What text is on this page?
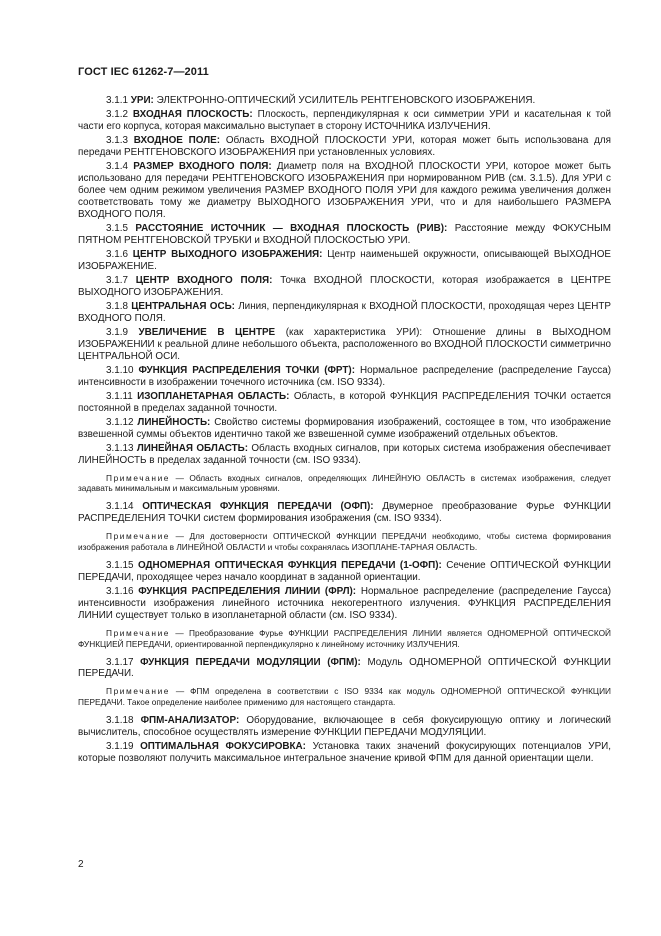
ГОСТ IEC 61262-7—2011

3.1.1 УРИ: ЭЛЕКТРОННО-ОПТИЧЕСКИЙ УСИЛИТЕЛЬ РЕНТГЕНОВСКОГО ИЗОБРАЖЕНИЯ.

3.1.2 ВХОДНАЯ ПЛОСКОСТЬ: Плоскость, перпендикулярная к оси симметрии УРИ и касательная к той части его корпуса, которая максимально выступает в сторону ИСТОЧНИКА ИЗЛУЧЕНИЯ.

3.1.3 ВХОДНОЕ ПОЛЕ: Область ВХОДНОЙ ПЛОСКОСТИ УРИ, которая может быть использована для передачи РЕНТГЕНОВСКОГО ИЗОБРАЖЕНИЯ при установленных условиях.

3.1.4 РАЗМЕР ВХОДНОГО ПОЛЯ: Диаметр поля на ВХОДНОЙ ПЛОСКОСТИ УРИ, которое может быть использовано для передачи РЕНТГЕНОВСКОГО ИЗОБРАЖЕНИЯ при нормированном РИВ (см. 3.1.5). Для УРИ с более чем одним режимом увеличения РАЗМЕР ВХОДНОГО ПОЛЯ УРИ для каждого режима увеличения должен соответствовать тому же диаметру ВЫХОДНОГО ИЗОБРАЖЕНИЯ УРИ, что и для наибольшего РАЗМЕРА ВХОДНОГО ПОЛЯ.

3.1.5 РАССТОЯНИЕ ИСТОЧНИК — ВХОДНАЯ ПЛОСКОСТЬ (РИВ): Расстояние между ФОКУСНЫМ ПЯТНОМ РЕНТГЕНОВСКОЙ ТРУБКИ и ВХОДНОЙ ПЛОСКОСТЬЮ УРИ.

3.1.6 ЦЕНТР ВЫХОДНОГО ИЗОБРАЖЕНИЯ: Центр наименьшей окружности, описывающей ВЫХОДНОЕ ИЗОБРАЖЕНИЕ.

3.1.7 ЦЕНТР ВХОДНОГО ПОЛЯ: Точка ВХОДНОЙ ПЛОСКОСТИ, которая изображается в ЦЕНТРЕ ВЫХОДНОГО ИЗОБРАЖЕНИЯ.

3.1.8 ЦЕНТРАЛЬНАЯ ОСЬ: Линия, перпендикулярная к ВХОДНОЙ ПЛОСКОСТИ, проходящая через ЦЕНТР ВХОДНОГО ПОЛЯ.

3.1.9 УВЕЛИЧЕНИЕ В ЦЕНТРЕ (как характеристика УРИ): Отношение длины в ВЫХОДНОМ ИЗОБРАЖЕНИИ к реальной длине небольшого объекта, расположенного во ВХОДНОЙ ПЛОСКОСТИ симметрично ЦЕНТРАЛЬНОЙ ОСИ.

3.1.10 ФУНКЦИЯ РАСПРЕДЕЛЕНИЯ ТОЧКИ (ФРТ): Нормальное распределение (распределение Гаусса) интенсивности в изображении точечного источника (см. ISO 9334).

3.1.11 ИЗОПЛАНЕТАРНАЯ ОБЛАСТЬ: Область, в которой ФУНКЦИЯ РАСПРЕДЕЛЕНИЯ ТОЧКИ остается постоянной в пределах заданной точности.

3.1.12 ЛИНЕЙНОСТЬ: Свойство системы формирования изображений, состоящее в том, что изображение взвешенной суммы объектов идентично такой же взвешенной сумме изображений отдельных объектов.

3.1.13 ЛИНЕЙНАЯ ОБЛАСТЬ: Область входных сигналов, при которых система изображения обеспечивает ЛИНЕЙНОСТЬ в пределах заданной точности (см. ISO 9334).

Примечание — Область входных сигналов, определяющих ЛИНЕЙНУЮ ОБЛАСТЬ в системах изображения, следует задавать минимальным и максимальным уровнями.

3.1.14 ОПТИЧЕСКАЯ ФУНКЦИЯ ПЕРЕДАЧИ (ОФП): Двумерное преобразование Фурье ФУНКЦИИ РАСПРЕДЕЛЕНИЯ ТОЧКИ систем формирования изображения (см. ISO 9334).

Примечание — Для достоверности ОПТИЧЕСКОЙ ФУНКЦИИ ПЕРЕДАЧИ необходимо, чтобы система формирования изображения работала в ЛИНЕЙНОЙ ОБЛАСТИ и чтобы сохранялась ИЗОПЛАНЕ-ТАРНАЯ ОБЛАСТЬ.

3.1.15 ОДНОМЕРНАЯ ОПТИЧЕСКАЯ ФУНКЦИЯ ПЕРЕДАЧИ (1-ОФП): Сечение ОПТИЧЕСКОЙ ФУНКЦИИ ПЕРЕДАЧИ, проходящее через начало координат в заданной ориентации.

3.1.16 ФУНКЦИЯ РАСПРЕДЕЛЕНИЯ ЛИНИИ (ФРЛ): Нормальное распределение (распределение Гаусса) интенсивности изображения линейного источника некогерентного излучения. ФУНКЦИЯ РАСПРЕДЕЛЕНИЯ ЛИНИИ существует только в изопланетарной области (см. ISO 9334).

Примечание — Преобразование Фурье ФУНКЦИИ РАСПРЕДЕЛЕНИЯ ЛИНИИ является ОДНОМЕРНОЙ ОПТИЧЕСКОЙ ФУНКЦИЕЙ ПЕРЕДАЧИ, ориентированной перпендикулярно к линейному источнику ИЗЛУЧЕНИЯ.

3.1.17 ФУНКЦИЯ ПЕРЕДАЧИ МОДУЛЯЦИИ (ФПМ): Модуль ОДНОМЕРНОЙ ОПТИЧЕСКОЙ ФУНКЦИИ ПЕРЕДАЧИ.

Примечание — ФПМ определена в соответствии с ISO 9334 как модуль ОДНОМЕРНОЙ ОПТИЧЕСКОЙ ФУНКЦИИ ПЕРЕДАЧИ. Такое определение наиболее применимо для настоящего стандарта.

3.1.18 ФПМ-АНАЛИЗАТОР: Оборудование, включающее в себя фокусирующую оптику и логический вычислитель, способное осуществлять измерение ФУНКЦИИ ПЕРЕДАЧИ МОДУЛЯЦИИ.

3.1.19 ОПТИМАЛЬНАЯ ФОКУСИРОВКА: Установка таких значений фокусирующих потенциалов УРИ, которые позволяют получить максимальное интегральное значение кривой ФПМ для данной ориентации щели.

2
